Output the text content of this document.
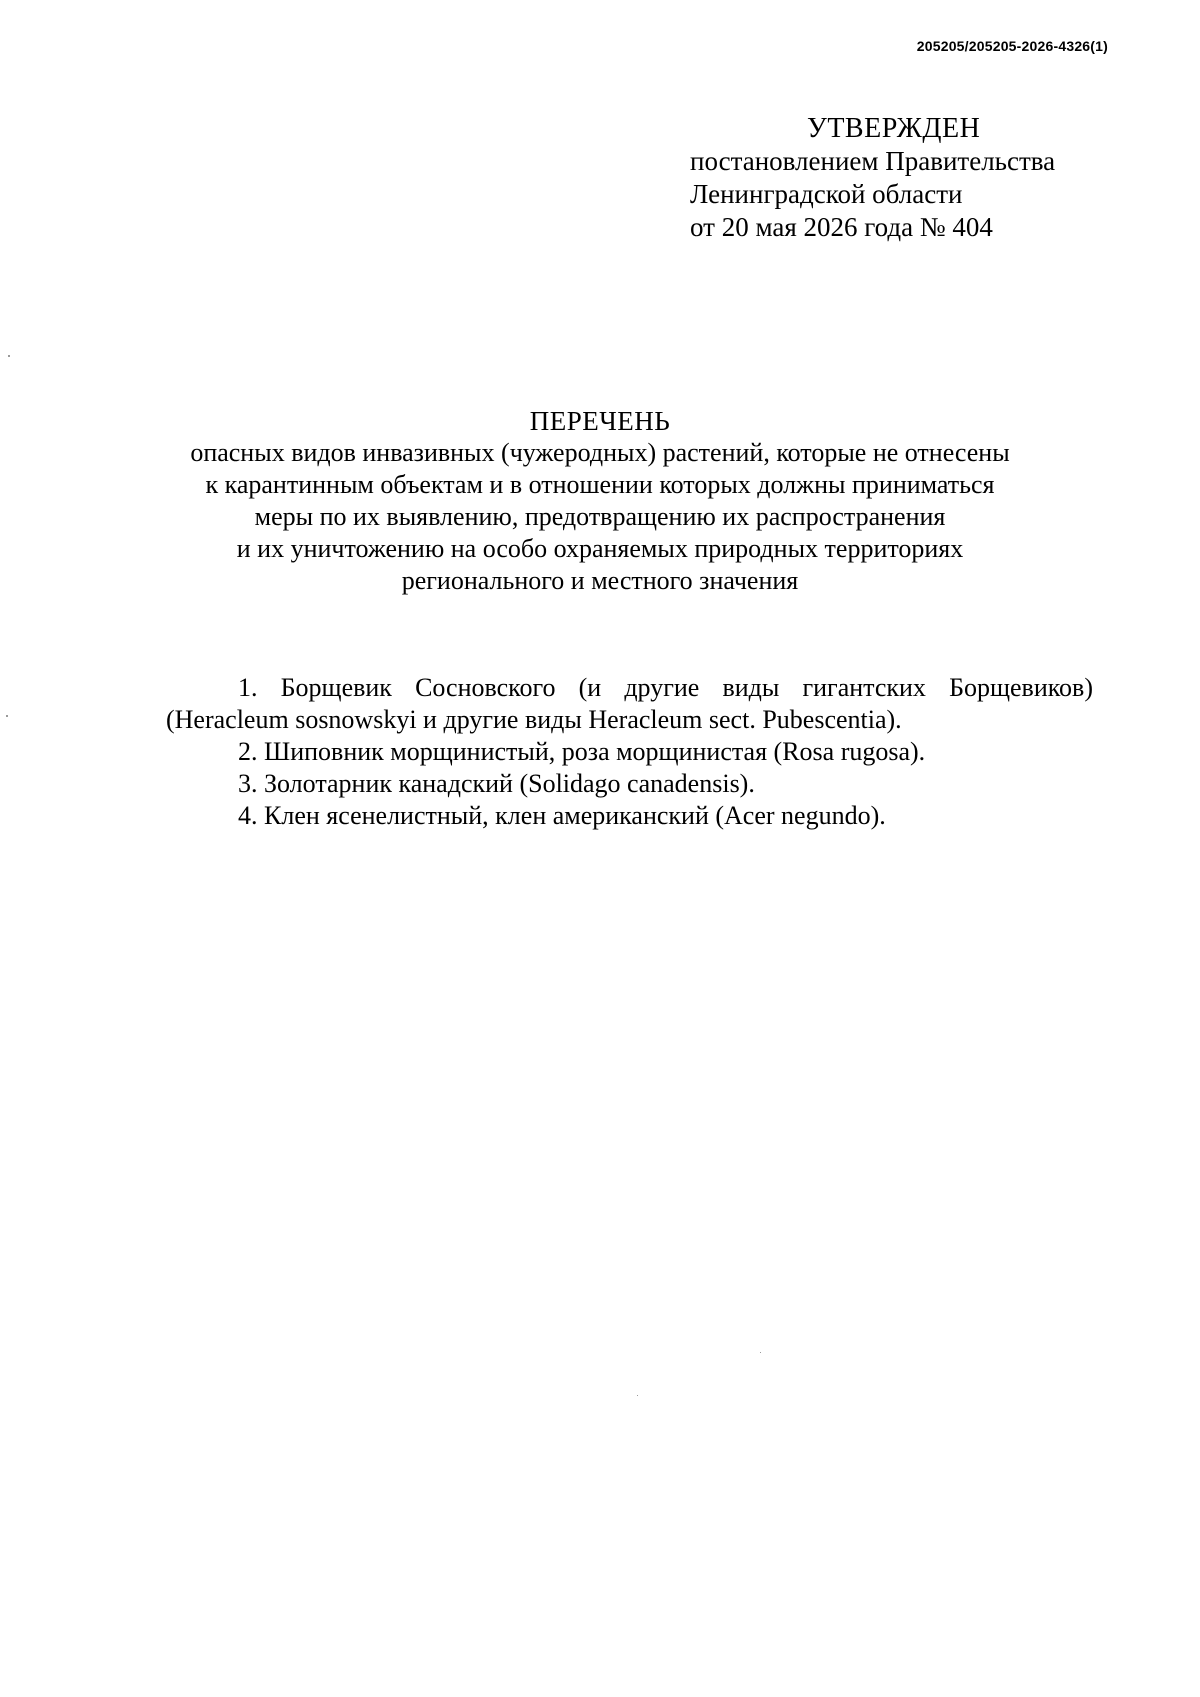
205205/205205-2026-4326(1)
УТВЕРЖДЕН
постановлением Правительства
Ленинградской области
от 20 мая 2026 года № 404
ПЕРЕЧЕНЬ
опасных видов инвазивных (чужеродных) растений, которые не отнесены
к карантинным объектам и в отношении которых должны приниматься
меры по их выявлению, предотвращению их распространения
и их уничтожению на особо охраняемых природных территориях
регионального и местного значения
1. Борщевик Сосновского (и другие виды гигантских Борщевиков) (Heracleum sosnowskyi и другие виды Heracleum sect. Pubescentia).
2. Шиповник морщинистый, роза морщинистая (Rosa rugosa).
3. Золотарник канадский (Solidago canadensis).
4. Клен ясенелистный, клен американский (Acer negundo).
